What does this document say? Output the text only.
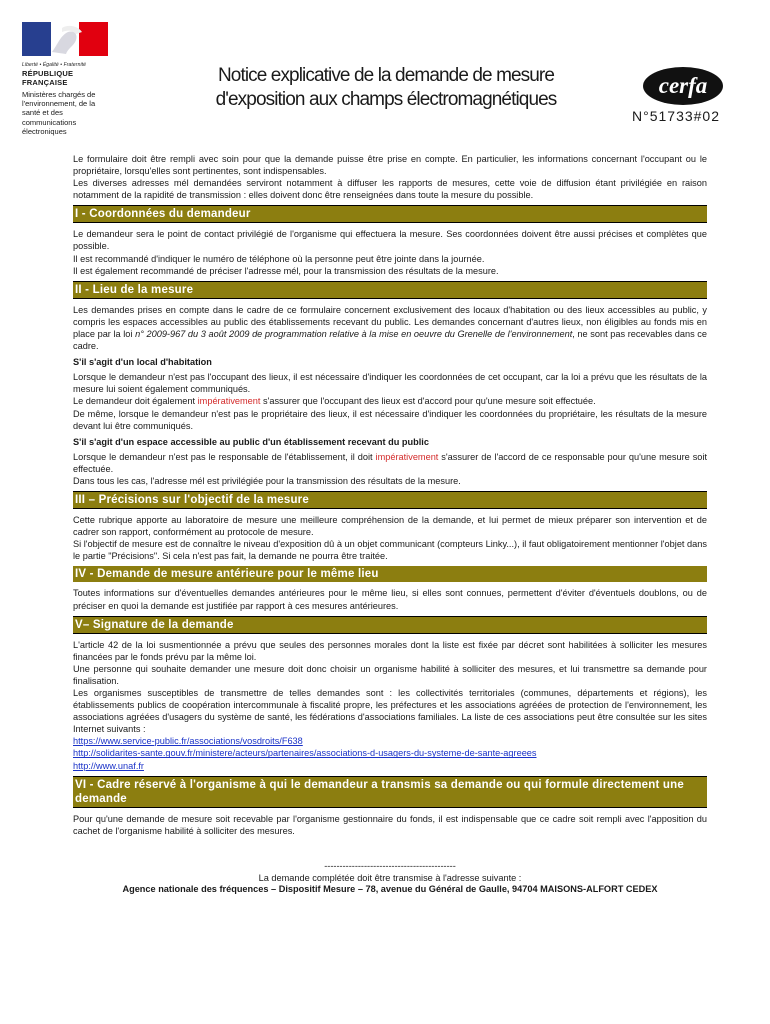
Liberté • Égalité • Fraternité
RÉPUBLIQUE FRANÇAISE
Ministères chargés de l'environnement, de la santé et des communications électroniques
Notice explicative de la demande de mesure
d'exposition aux champs électromagnétiques
cerfa
N°51733#02

Le formulaire doit être rempli avec soin pour que la demande puisse être prise en compte. En particulier, les informations concernant l'occupant ou le propriétaire, lorsqu'elles sont pertinentes, sont indispensables.

Les diverses adresses mél demandées serviront notamment à diffuser les rapports de mesures, cette voie de diffusion étant privilégiée en raison notamment de la rapidité de transmission : elles doivent donc être renseignées dans toute la mesure du possible.

I - Coordonnées du demandeur

Le demandeur sera le point de contact privilégié de l'organisme qui effectuera la mesure. Ses coordonnées doivent être aussi précises et complètes que possible.

Il est recommandé d'indiquer le numéro de téléphone où la personne peut être jointe dans la journée.

Il est également recommandé de préciser l'adresse mél, pour la transmission des résultats de la mesure.

II - Lieu de la mesure

Les demandes prises en compte dans le cadre de ce formulaire concernent exclusivement des locaux d'habitation ou des lieux accessibles au public, y compris les espaces accessibles au public des établissements recevant du public. Les demandes concernant d'autres lieux, non éligibles au fonds mis en place par la loi n° 2009-967 du 3 août 2009 de programmation relative à la mise en oeuvre du Grenelle de l'environnement, ne sont pas recevables dans ce cadre.

S'il s'agit d'un local d'habitation

Lorsque le demandeur n'est pas l'occupant des lieux, il est nécessaire d'indiquer les coordonnées de cet occupant, car la loi a prévu que les résultats de la mesure lui soient également communiqués.

Le demandeur doit également impérativement s'assurer que l'occupant des lieux est d'accord pour qu'une mesure soit effectuée.

De même, lorsque le demandeur n'est pas le propriétaire des lieux, il est nécessaire d'indiquer les coordonnées du propriétaire, les résultats de la mesure devant lui être communiqués.

S'il s'agit d'un espace accessible au public d'un établissement recevant du public

Lorsque le demandeur n'est pas le responsable de l'établissement, il doit impérativement s'assurer de l'accord de ce responsable pour qu'une mesure soit effectuée.

Dans tous les cas, l'adresse mél est privilégiée pour la transmission des résultats de la mesure.

III – Précisions sur l'objectif de la mesure

Cette rubrique apporte au laboratoire de mesure une meilleure compréhension de la demande, et lui permet de mieux préparer son intervention et de cadrer son rapport, conformément au protocole de mesure.

Si l'objectif de mesure est de connaître le niveau d'exposition dû à un objet communicant (compteurs Linky...), il faut obligatoirement mentionner l'objet dans le partie "Précisions". Si cela n'est pas fait, la demande ne pourra être traitée.

IV - Demande de mesure antérieure pour le même lieu

Toutes informations sur d'éventuelles demandes antérieures pour le même lieu, si elles sont connues, permettent d'éviter d'éventuels doublons, ou de préciser en quoi la demande est justifiée par rapport à ces mesures antérieures.

V– Signature de la demande

L'article 42 de la loi susmentionnée a prévu que seules des personnes morales dont la liste est fixée par décret sont habilitées à solliciter les mesures financées par le fonds prévu par la même loi.

Une personne qui souhaite demander une mesure doit donc choisir un organisme habilité à solliciter des mesures, et lui transmettre sa demande pour finalisation.

Les organismes susceptibles de transmettre de telles demandes sont : les collectivités territoriales (communes, départements et régions), les établissements publics de coopération intercommunale à fiscalité propre, les préfectures et les associations agréées de protection de l'environnement, les associations agréées d'usagers du système de santé, les fédérations d'associations familiales. La liste de ces associations peut être consultée sur les sites Internet suivants :

https://www.service-public.fr/associations/vosdroits/F638

http://solidarites-sante.gouv.fr/ministere/acteurs/partenaires/associations-d-usagers-du-systeme-de-sante-agreees

http://www.unaf.fr

VI - Cadre réservé à l'organisme à qui le demandeur a transmis sa demande ou qui formule directement une demande

Pour qu'une demande de mesure soit recevable par l'organisme gestionnaire du fonds, il est indispensable que ce cadre soit rempli avec l'apposition du cachet de l'organisme habilité à solliciter des mesures.

-------------------------------------------
La demande complétée doit être transmise à l'adresse suivante :
Agence nationale des fréquences – Dispositif Mesure – 78, avenue du Général de Gaulle, 94704 MAISONS-ALFORT CEDEX
